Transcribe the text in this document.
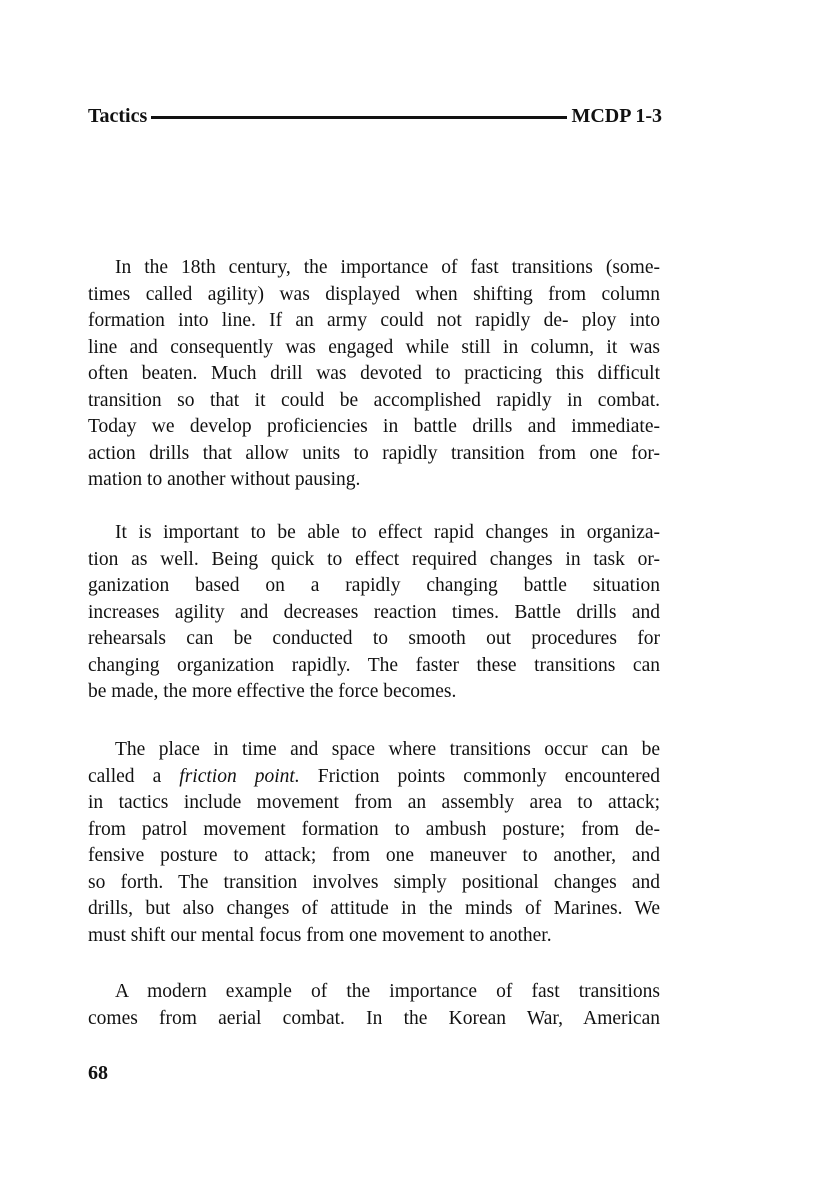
Tactics	MCDP 1-3
In the 18th century, the importance of fast transitions (some-
times called agility) was displayed when shifting from column
formation into line. If an army could not rapidly de- ploy into
line and consequently was engaged while still in column, it was
often beaten. Much drill was devoted to practicing this difficult
transition so that it could be accomplished rapidly in combat.
Today we develop proficiencies in battle drills and immediate-
action drills that allow units to rapidly transition from one for-
mation to another without pausing.
It is important to be able to effect rapid changes in organiza-
tion as well. Being quick to effect required changes in task or-
ganization based on a rapidly changing battle situation
increases agility and decreases reaction times. Battle drills and
rehearsals can be conducted to smooth out procedures for
changing organization rapidly. The faster these transitions can
be made, the more effective the force becomes.
The place in time and space where transitions occur can be
called a friction point. Friction points commonly encountered
in tactics include movement from an assembly area to attack;
from patrol movement formation to ambush posture; from de-
fensive posture to attack; from one maneuver to another, and
so forth. The transition involves simply positional changes and
drills, but also changes of attitude in the minds of Marines. We
must shift our mental focus from one movement to another.
A modern example of the importance of fast transitions
comes from aerial combat. In the Korean War, American
68
